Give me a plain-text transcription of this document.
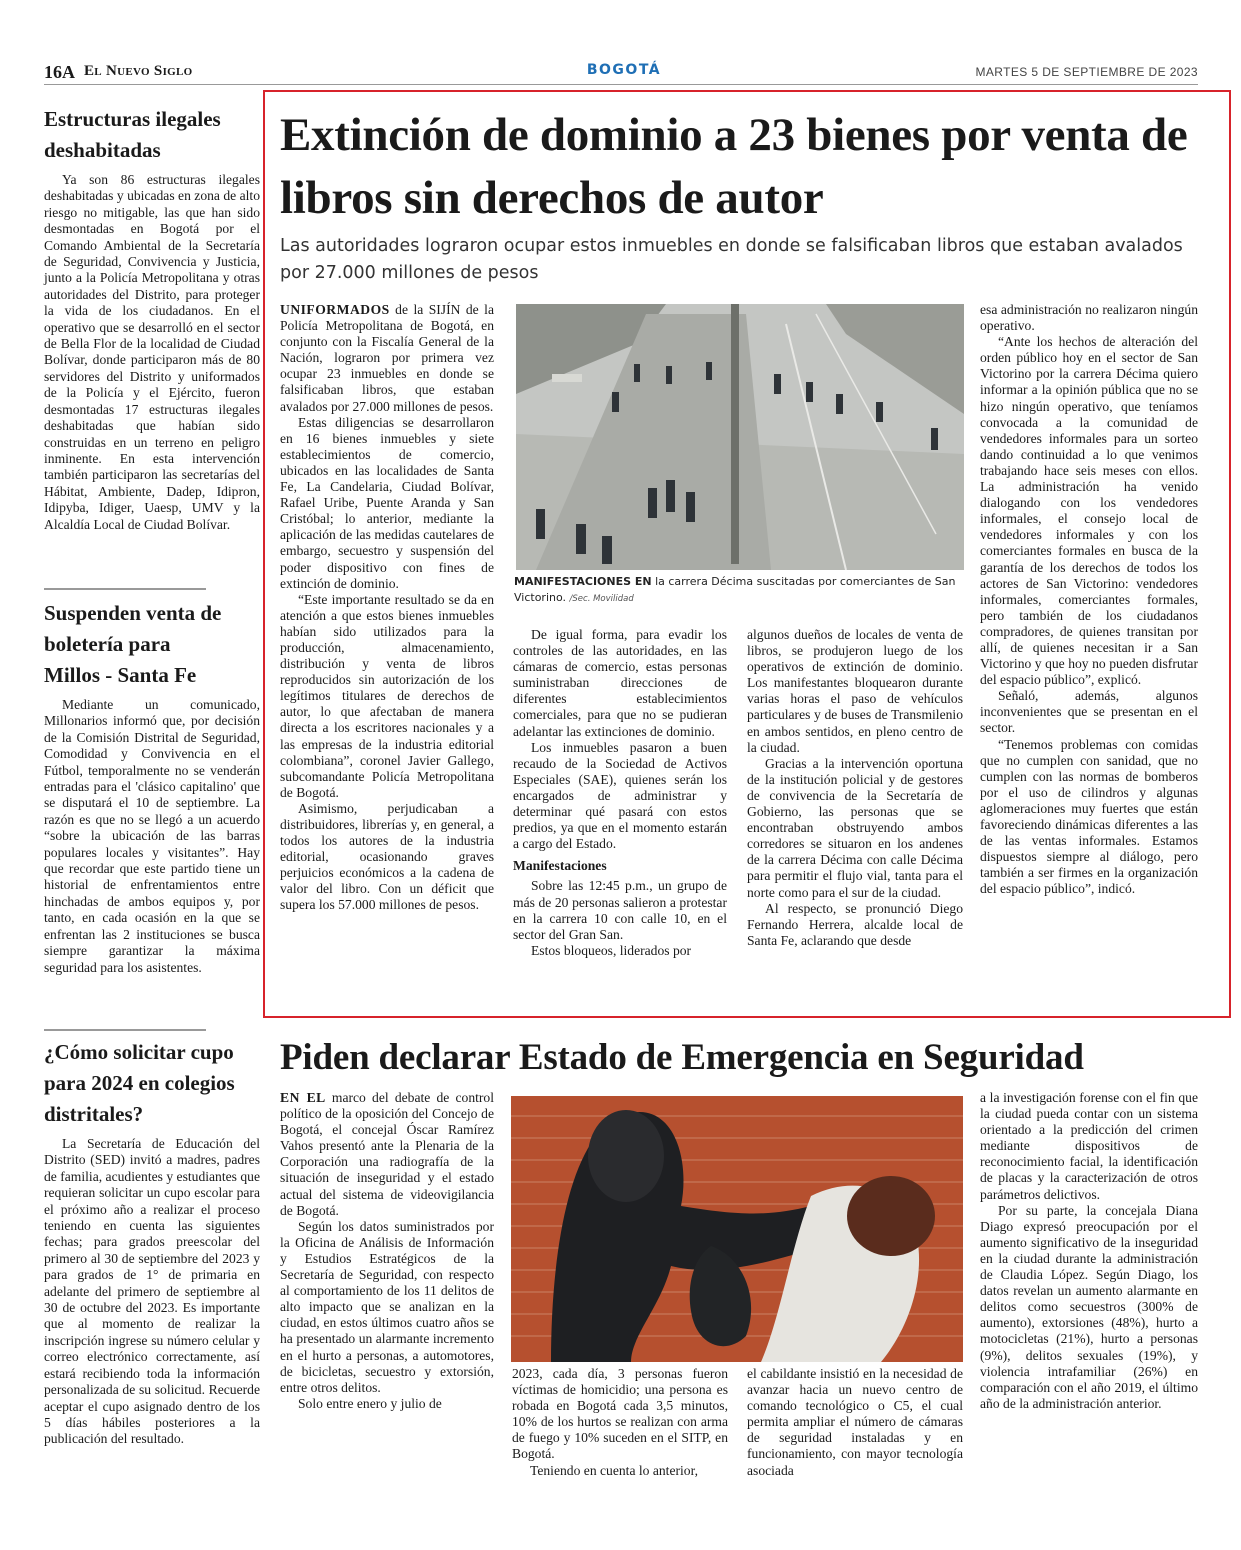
16A El Nuevo Siglo	BOGOTÁ	MARTES 5 DE SEPTIEMBRE DE 2023
Estructuras ilegales deshabitadas

Ya son 86 estructuras ilegales deshabitadas y ubicadas en zona de alto riesgo no mitigable, las que han sido desmontadas en Bogotá por el Comando Ambiental de la Secretaría de Seguridad, Convivencia y Justicia, junto a la Policía Metropolitana y otras autoridades del Distrito, para proteger la vida de los ciudadanos. En el operativo que se desarrolló en el sector de Bella Flor de la localidad de Ciudad Bolívar, donde participaron más de 80 servidores del Distrito y uniformados de la Policía y el Ejército, fueron desmontadas 17 estructuras ilegales deshabitadas que habían sido construidas en un terreno en peligro inminente. En esta intervención también participaron las secretarías del Hábitat, Ambiente, Dadep, Idipron, Idipyba, Idiger, Uaesp, UMV y la Alcaldía Local de Ciudad Bolívar.

Suspenden venta de boletería para Millos - Santa Fe

Mediante un comunicado, Millonarios informó que, por decisión de la Comisión Distrital de Seguridad, Comodidad y Convivencia en el Fútbol, temporalmente no se venderán entradas para el 'clásico capitalino' que se disputará el 10 de septiembre. La razón es que no se llegó a un acuerdo “sobre la ubicación de las barras populares locales y visitantes”. Hay que recordar que este partido tiene un historial de enfrentamientos entre hinchadas de ambos equipos y, por tanto, en cada ocasión en la que se enfrentan las 2 instituciones se busca siempre garantizar la máxima seguridad para los asistentes.

¿Cómo solicitar cupo para 2024 en colegios distritales?

La Secretaría de Educación del Distrito (SED) invitó a madres, padres de familia, acudientes y estudiantes que requieran solicitar un cupo escolar para el próximo año a realizar el proceso teniendo en cuenta las siguientes fechas; para grados preescolar del primero al 30 de septiembre del 2023 y para grados de 1° de primaria en adelante del primero de septiembre al 30 de octubre del 2023. Es importante que al momento de realizar la inscripción ingrese su número celular y correo electrónico correctamente, así estará recibiendo toda la información personalizada de su solicitud. Recuerde aceptar el cupo asignado dentro de los 5 días hábiles posteriores a la publicación del resultado.

Extinción de dominio a 23 bienes por venta de libros sin derechos de autor

Las autoridades lograron ocupar estos inmuebles en donde se falsificaban libros que estaban avalados por 27.000 millones de pesos

UNIFORMADOS de la SIJÍN de la Policía Metropolitana de Bogotá, en conjunto con la Fiscalía General de la Nación, lograron por primera vez ocupar 23 inmuebles en donde se falsificaban libros, que estaban avalados por 27.000 millones de pesos.

Estas diligencias se desarrollaron en 16 bienes inmuebles y siete establecimientos de comercio, ubicados en las localidades de Santa Fe, La Candelaria, Ciudad Bolívar, Rafael Uribe, Puente Aranda y San Cristóbal; lo anterior, mediante la aplicación de las medidas cautelares de embargo, secuestro y suspensión del poder dispositivo con fines de extinción de dominio.

“Este importante resultado se da en atención a que estos bienes inmuebles habían sido utilizados para la producción, almacenamiento, distribución y venta de libros reproducidos sin autorización de los legítimos titulares de derechos de autor, lo que afectaban de manera directa a los escritores nacionales y a las empresas de la industria editorial colombiana”, coronel Javier Gallego, subcomandante Policía Metropolitana de Bogotá.

Asimismo, perjudicaban a distribuidores, librerías y, en general, a todos los autores de la industria editorial, ocasionando graves perjuicios económicos a la cadena de valor del libro. Con un déficit que supera los 57.000 millones de pesos.

MANIFESTACIONES EN la carrera Décima suscitadas por comerciantes de San Victorino. /Sec. Movilidad

De igual forma, para evadir los controles de las autoridades, en las cámaras de comercio, estas personas suministraban direcciones de diferentes establecimientos comerciales, para que no se pudieran adelantar las extinciones de dominio.

Los inmuebles pasaron a buen recaudo de la Sociedad de Activos Especiales (SAE), quienes serán los encargados de administrar y determinar qué pasará con estos predios, ya que en el momento estarán a cargo del Estado.

Manifestaciones

Sobre las 12:45 p.m., un grupo de más de 20 personas salieron a protestar en la carrera 10 con calle 10, en el sector del Gran San.

Estos bloqueos, liderados por

algunos dueños de locales de venta de libros, se produjeron luego de los operativos de extinción de dominio. Los manifestantes bloquearon durante varias horas el paso de vehículos particulares y de buses de Transmilenio en ambos sentidos, en pleno centro de la ciudad.

Gracias a la intervención oportuna de la institución policial y de gestores de convivencia de la Secretaría de Gobierno, las personas que se encontraban obstruyendo ambos corredores se situaron en los andenes de la carrera Décima con calle Décima para permitir el flujo vial, tanta para el norte como para el sur de la ciudad.

Al respecto, se pronunció Diego Fernando Herrera, alcalde local de Santa Fe, aclarando que desde

esa administración no realizaron ningún operativo.

“Ante los hechos de alteración del orden público hoy en el sector de San Victorino por la carrera Décima quiero informar a la opinión pública que no se hizo ningún operativo, que teníamos convocada a la comunidad de vendedores informales para un sorteo dando continuidad a lo que venimos trabajando hace seis meses con ellos. La administración ha venido dialogando con los vendedores informales, el consejo local de vendedores informales y con los comerciantes formales en busca de la garantía de los derechos de todos los actores de San Victorino: vendedores informales, comerciantes formales, pero también de los ciudadanos compradores, de quienes transitan por allí, de quienes necesitan ir a San Victorino y que hoy no pueden disfrutar del espacio público”, explicó.

Señaló, además, algunos inconvenientes que se presentan en el sector.

“Tenemos problemas con comidas que no cumplen con sanidad, que no cumplen con las normas de bomberos por el uso de cilindros y algunas aglomeraciones muy fuertes que están favoreciendo dinámicas diferentes a las de las ventas informales. Estamos dispuestos siempre al diálogo, pero también a ser firmes en la organización del espacio público”, indicó.

Piden declarar Estado de Emergencia en Seguridad

EN EL marco del debate de control político de la oposición del Concejo de Bogotá, el concejal Óscar Ramírez Vahos presentó ante la Plenaria de la Corporación una radiografía de la situación de inseguridad y el estado actual del sistema de videovigilancia de Bogotá.

Según los datos suministrados por la Oficina de Análisis de Información y Estudios Estratégicos de la Secretaría de Seguridad, con respecto al comportamiento de los 11 delitos de alto impacto que se analizan en la ciudad, en estos últimos cuatro años se ha presentado un alarmante incremento en el hurto a personas, a automotores, de bicicletas, secuestro y extorsión, entre otros delitos.

Solo entre enero y julio de

2023, cada día, 3 personas fueron víctimas de homicidio; una persona es robada en Bogotá cada 3,5 minutos, 10% de los hurtos se realizan con arma de fuego y 10% suceden en el SITP, en Bogotá.

Teniendo en cuenta lo anterior,

el cabildante insistió en la necesidad de avanzar hacia un nuevo centro de comando tecnológico o C5, el cual permita ampliar el número de cámaras de seguridad instaladas y en funcionamiento, con mayor tecnología asociada

a la investigación forense con el fin que la ciudad pueda contar con un sistema orientado a la predicción del crimen mediante dispositivos de reconocimiento facial, la identificación de placas y la caracterización de otros parámetros delictivos.

Por su parte, la concejala Diana Diago expresó preocupación por el aumento significativo de la inseguridad en la ciudad durante la administración de Claudia López. Según Diago, los datos revelan un aumento alarmante en delitos como secuestros (300% de aumento), extorsiones (48%), hurto a motocicletas (21%), hurto a personas (9%), delitos sexuales (19%), y violencia intrafamiliar (26%) en comparación con el año 2019, el último año de la administración anterior.
